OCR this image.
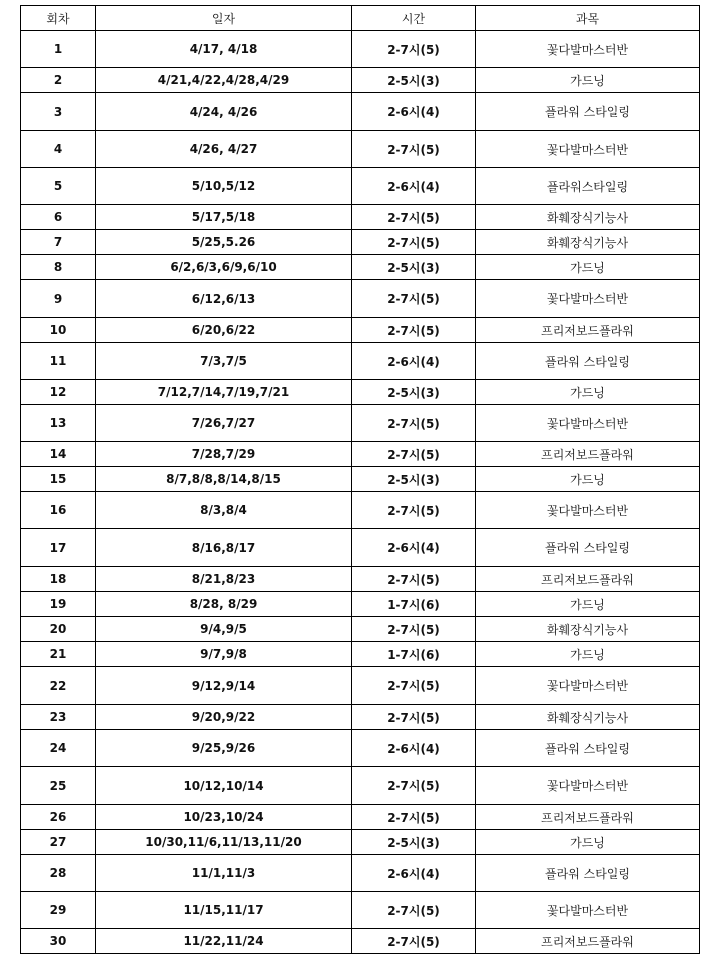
회차	일자	시간	과목
1	4/17, 4/18	2-7시(5)	꽃다발마스터반
2	4/21,4/22,4/28,4/29	2-5시(3)	가드닝
3	4/24, 4/26	2-6시(4)	플라워 스타일링
4	4/26, 4/27	2-7시(5)	꽃다발마스터반
5	5/10,5/12	2-6시(4)	플라워스타일링
6	5/17,5/18	2-7시(5)	화훼장식기능사
7	5/25,5.26	2-7시(5)	화훼장식기능사
8	6/2,6/3,6/9,6/10	2-5시(3)	가드닝
9	6/12,6/13	2-7시(5)	꽃다발마스터반
10	6/20,6/22	2-7시(5)	프리저보드플라워
11	7/3,7/5	2-6시(4)	플라워 스타일링
12	7/12,7/14,7/19,7/21	2-5시(3)	가드닝
13	7/26,7/27	2-7시(5)	꽃다발마스터반
14	7/28,7/29	2-7시(5)	프리저보드플라워
15	8/7,8/8,8/14,8/15	2-5시(3)	가드닝
16	8/3,8/4	2-7시(5)	꽃다발마스터반
17	8/16,8/17	2-6시(4)	플라워 스타일링
18	8/21,8/23	2-7시(5)	프리저보드플라워
19	8/28, 8/29	1-7시(6)	가드닝
20	9/4,9/5	2-7시(5)	화훼장식기능사
21	9/7,9/8	1-7시(6)	가드닝
22	9/12,9/14	2-7시(5)	꽃다발마스터반
23	9/20,9/22	2-7시(5)	화훼장식기능사
24	9/25,9/26	2-6시(4)	플라워 스타일링
25	10/12,10/14	2-7시(5)	꽃다발마스터반
26	10/23,10/24	2-7시(5)	프리저보드플라워
27	10/30,11/6,11/13,11/20	2-5시(3)	가드닝
28	11/1,11/3	2-6시(4)	플라워 스타일링
29	11/15,11/17	2-7시(5)	꽃다발마스터반
30	11/22,11/24	2-7시(5)	프리저보드플라워
